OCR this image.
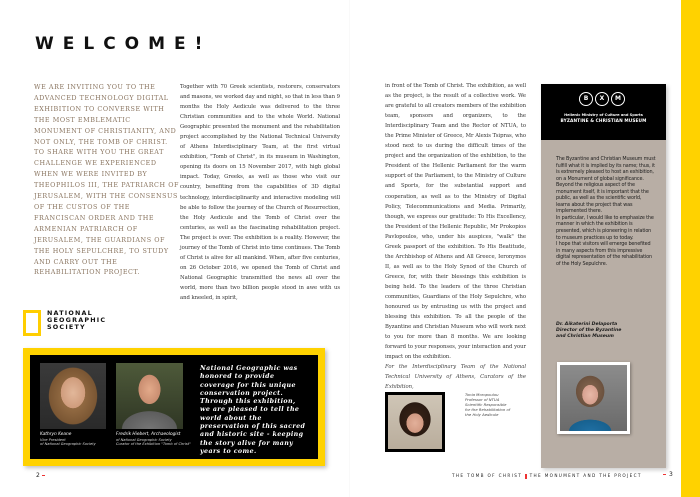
WELCOME!

WE ARE INVITING YOU TO THE ADVANCED TECHNOLOGY DIGITAL EXHIBITION TO CONVERSE WITH THE MOST EMBLEMATIC MONUMENT OF CHRISTIANITY, AND NOT ONLY, THE TOMB OF CHRIST. TO SHARE WITH YOU THE GREAT CHALLENGE WE EXPERIENCED WHEN WE WERE INVITED BY THEOPHILOS III, THE PATRIARCH OF JERUSALEM, WITH THE CONSENSUS OF THE CUSTOS OF THE FRANCISCAN ORDER AND THE ARMENIAN PATRIARCH OF JERUSALEM, THE GUARDIANS OF THE HOLY SEPULCHRE, TO STUDY AND CARRY OUT THE REHABILITATION PROJECT.

Together with 70 Greek scientists, restorers, conservators and masons, we worked day and night, so that in less than 9 months the Holy Aedicule was delivered to the three Christian communities and to the whole World. National Geographic presented the monument and the rehabilitation project accomplished by the National Technical University of Athens Interdisciplinary Team, at the first virtual exhibition, "Tomb of Christ", in its museum in Washington, opening its doors on 15 November 2017, with high global impact. Today, Greeks, as well as those who visit our country, benefiting from the capabilities of 3D digital technology, interdisciplinarity and interactive modeling will be able to follow the journey of the Church of Resurrection, the Holy Aedicule and the Tomb of Christ over the centuries, as well as the fascinating rehabilitation project. The project is over. The exhibition is a reality. However, the journey of the Tomb of Christ into time continues. The Tomb of Christ is alive for all mankind. When, after five centuries, on 26 October 2016, we opened the Tomb of Christ and National Geographic transmitted the news all over the world, more than two billion people stood in awe with us and kneeled, in spirit,

NATIONAL
GEOGRAPHIC
SOCIETY
Kathryn Keane
Vice President
of National Geographic Society
Fredrik Hiebert, Archaeologist
of National Geographic Society
Curator of the Exhibition "Tomb of Christ"

National Geographic was honored to provide coverage for this unique conservation project. Through this exhibition, we are pleased to tell the world about the preservation of this sacred and historic site - keeping the story alive for many years to come.

2
in front of the Tomb of Christ. The exhibition, as well as the project, is the result of a collective work. We are grateful to all creators members of the exhibition team, sponsors and organizers, to the Interdisciplinary Team and the Rector of NTUA, to the Prime Minister of Greece, Mr Alexis Tsipras, who stood next to us during the difficult times of the project and the organization of the exhibition, to the President of the Hellenic Parliament for the warm support of the Parliament, to the Ministry of Culture and Sports, for the substantial support and cooperation, as well as to the Ministry of Digital Policy, Telecommunications and Media. Primarily, though, we express our gratitude: To His Excellency, the President of the Hellenic Republic, Mr Prokopios Pavlopoulos, who, under his auspices, "walk" the Greek passport of the exhibition. To His Beatitude, the Archbishop of Athens and All Greece, Ieronymos II, as well as to the Holy Synod of the Church of Greece, for, with their blessings this exhibition is being held. To the leaders of the three Christian communities, Guardians of the Holy Sepulchre, who honoured us by entrusting us with the project and blessing this exhibition. To all the people of the Byzantine and Christian Museum who will work next to you for more than 8 months. We are looking forward to your responses, your interaction and your impact on the exhibition.
For the Interdisciplinary Team of the National Technical University of Athens, Curators of the Exhibition,
Tonia Moropoulou
Professor of NTUA
Scientific Responsible
for the Rehabilitation of
the Holy Aedicule
B	X	M
Hellenic Ministry of Culture and Sports
BYZANTINE & CHRISTIAN MUSEUM
The Byzantine and Christian Museum must fulfill what it is implied by its name; thus, it is extremely pleased to host an exhibition, on a Monument of global significance.
Beyond the religious aspect of the monument itself, it is important that the public, as well as the scientific world, learns about the project that was implemented there.
In particular, I would like to emphasize the manner in which the exhibition is presented, which is pioneering in relation to museum practices up to today.
I hope that visitors will emerge benefited in many aspects from this impressive digital representation of the rehabilitation of the Holy Sepulchre.
Dr. Aikaterini Delaporta
Director of the Byzantine
and Christian Museum
THE TOMB OF CHRIST THE MONUMENT AND THE PROJECT	3
